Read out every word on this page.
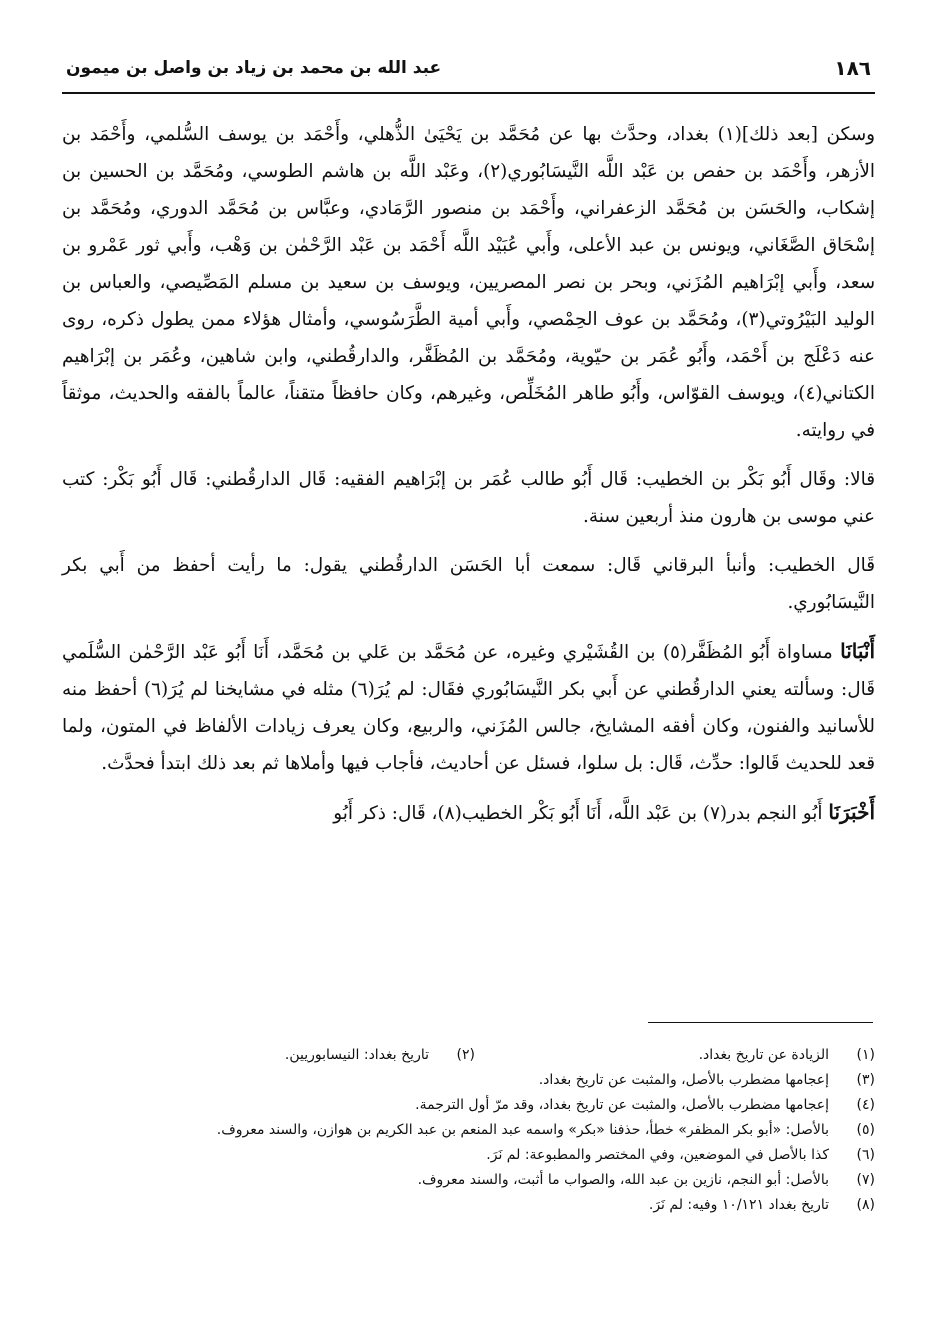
١٨٦
عبد الله بن محمد بن زياد بن واصل بن ميمون

وسكن [بعد ذلك](١) بغداد، وحدَّث بها عن مُحَمَّد بن يَحْيَىٰ الذُّهلي، وأَحْمَد بن يوسف السُّلمي، وأَحْمَد بن الأزهر، وأَحْمَد بن حفص بن عَبْد اللَّه النَّيسَابُوري(٢)، وعَبْد اللَّه بن هاشم الطوسي، ومُحَمَّد بن الحسين بن إشكاب، والحَسَن بن مُحَمَّد الزعفراني، وأَحْمَد بن منصور الرَّمَادي، وعبَّاس بن مُحَمَّد الدوري، ومُحَمَّد بن إسْحَاق الصَّغَاني، ويونس بن عبد الأعلى، وأَبي عُبَيْد اللَّه أَحْمَد بن عَبْد الرَّحْمٰن بن وَهْب، وأَبي ثور عَمْرو بن سعد، وأَبي إبْرَاهيم المُزَني، وبحر بن نصر المصريين، ويوسف بن سعيد بن مسلم المَصِّيصي، والعباس بن الوليد البَيْرُوتي(٣)، ومُحَمَّد بن عوف الحِمْصي، وأَبي أمية الطَّرَسُوسي، وأمثال هؤلاء ممن يطول ذكره، روى عنه دَعْلَج بن أَحْمَد، وأَبُو عُمَر بن حيّوية، ومُحَمَّد بن المُظَفَّر، والدارقُطني، وابن شاهين، وعُمَر بن إبْرَاهيم الكتاني(٤)، ويوسف القوّاس، وأَبُو طاهر المُخَلِّص، وغيرهم، وكان حافظاً متقناً، عالماً بالفقه والحديث، موثقاً في روايته.

قالا: وقَال أَبُو بَكْر بن الخطيب: قَال أَبُو طالب عُمَر بن إبْرَاهيم الفقيه: قَال الدارقُطني: قَال أَبُو بَكْر: كتب عني موسى بن هارون منذ أربعين سنة.

قَال الخطيب: وأنبأ البرقاني قَال: سمعت أبا الحَسَن الدارقُطني يقول: ما رأيت أحفظ من أَبي بكر النَّيسَابُوري.

أَنْبَانَا مساواة أَبُو المُظَفَّر(٥) بن القُشَيْري وغيره، عن مُحَمَّد بن عَلي بن مُحَمَّد، أَنَا أَبُو عَبْد الرَّحْمٰن السُّلَمي قَال: وسألته يعني الدارقُطني عن أَبي بكر النَّيسَابُوري فقَال: لم يُرَ(٦) مثله في مشايخنا لم يُرَ(٦) أحفظ منه للأسانيد والفنون، وكان أفقه المشايخ، جالس المُزَني، والربيع، وكان يعرف زيادات الألفاظ في المتون، ولما قعد للحديث قَالوا: حدِّث، قَال: بل سلوا، فسئل عن أحاديث، فأجاب فيها وأملاها ثم بعد ذلك ابتدأ فحدَّث.

أَخْبَرَنَا أَبُو النجم بدر(٧) بن عَبْد اللَّه، أَنَا أَبُو بَكْر الخطيب(٨)، قَال: ذكر أَبُو

(١)
الزيادة عن تاريخ بغداد.
(٢)
تاريخ بغداد: النيسابوريين.
(٣)
إعجامها مضطرب بالأصل، والمثبت عن تاريخ بغداد.
(٤)
إعجامها مضطرب بالأصل، والمثبت عن تاريخ بغداد، وقد مرّ أول الترجمة.
(٥)
بالأصل: «أبو بكر المظفر» خطأ، حذفنا «بكر» واسمه عبد المنعم بن عبد الكريم بن هوازن، والسند معروف.
(٦)
كذا بالأصل في الموضعين، وفي المختصر والمطبوعة: لم نَرَ.
(٧)
بالأصل: أبو النجم، نازين بن عبد الله، والصواب ما أثبت، والسند معروف.
(٨)
تاريخ بغداد ١٠/١٢١ وفيه: لم نَرَ.
